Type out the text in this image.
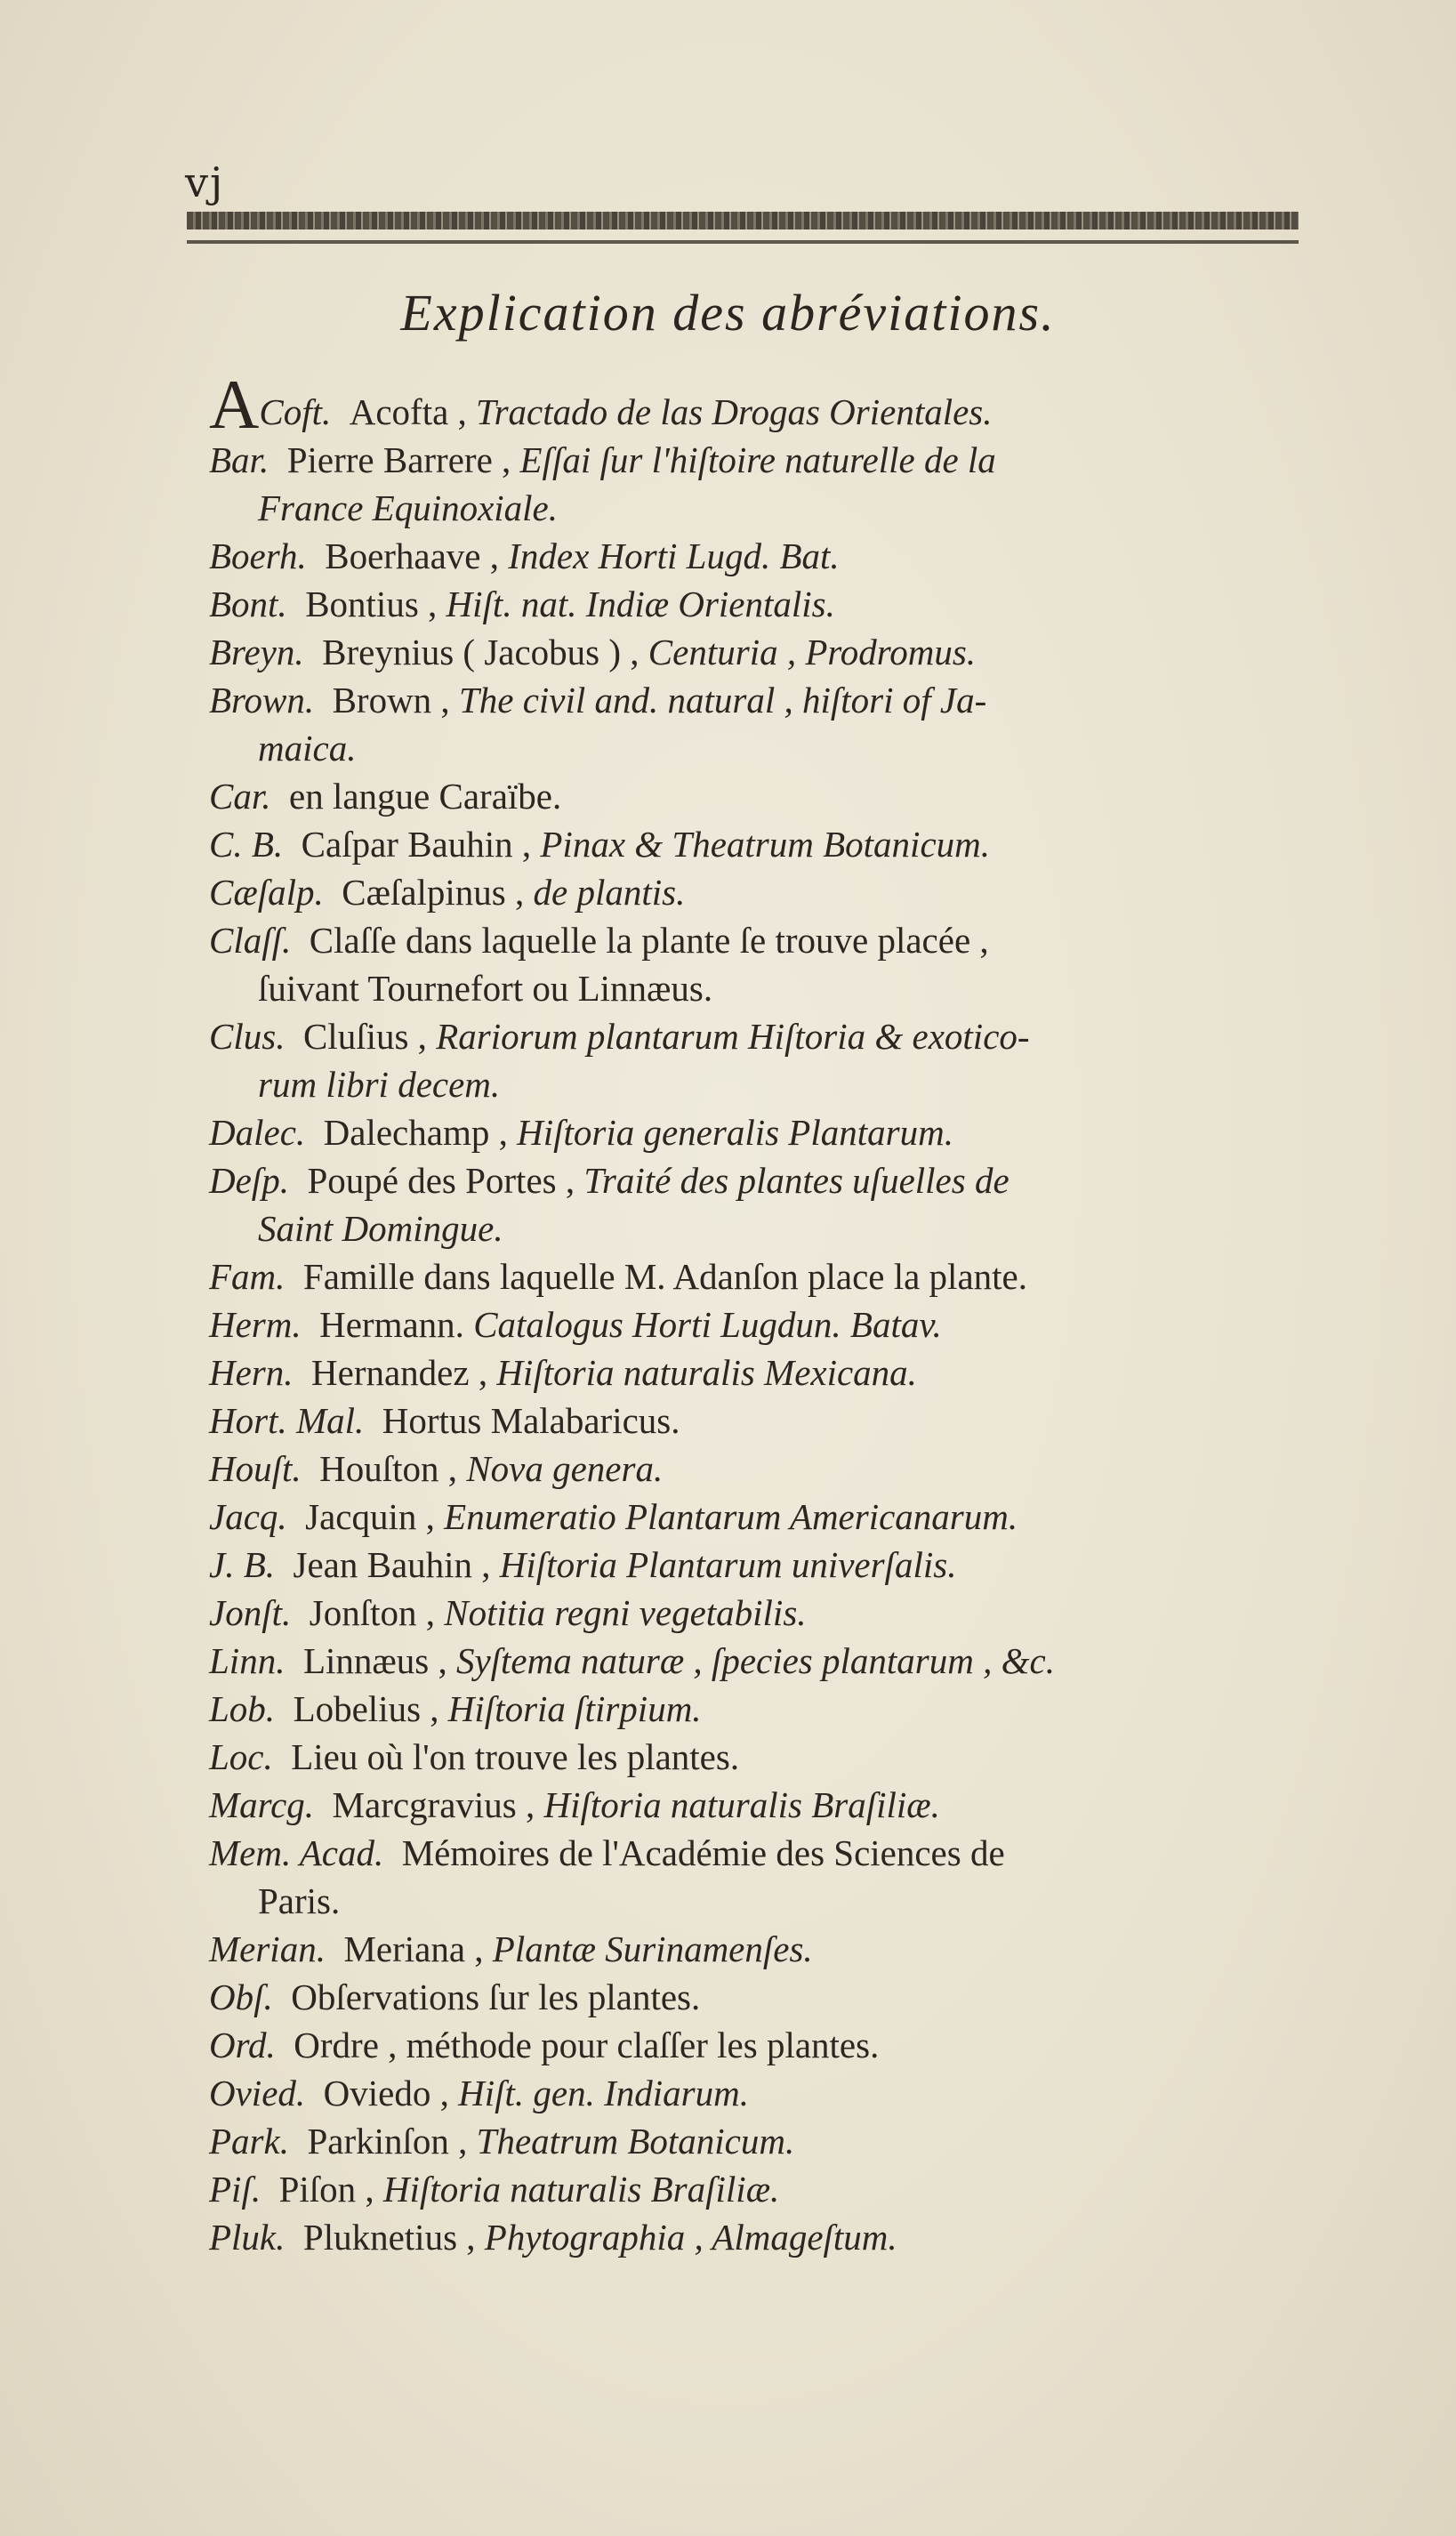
vj
Explication des abréviations.
ACoft.  Acofta , Tractado de las Drogas Orientales.
Bar.  Pierre Barrere , Eſſai ſur l'hiſtoire naturelle de la
France Equinoxiale.
Boerh.  Boerhaave , Index Horti Lugd. Bat.
Bont.  Bontius , Hiſt. nat. Indiæ Orientalis.
Breyn.  Breynius ( Jacobus ) , Centuria , Prodromus.
Brown.  Brown , The civil and. natural , hiſtori of Ja-
maica.
Car.  en langue Caraïbe.
C. B.  Caſpar Bauhin , Pinax & Theatrum Botanicum.
Cæſalp.  Cæſalpinus , de plantis.
Claſſ.  Claſſe dans laquelle la plante ſe trouve placée ,
ſuivant Tournefort ou Linnæus.
Clus.  Cluſius , Rariorum plantarum Hiſtoria & exotico-
rum libri decem.
Dalec.  Dalechamp , Hiſtoria generalis Plantarum.
Deſp.  Poupé des Portes , Traité des plantes uſuelles de
Saint Domingue.
Fam.  Famille dans laquelle M. Adanſon place la plante.
Herm.  Hermann. Catalogus Horti Lugdun. Batav.
Hern.  Hernandez , Hiſtoria naturalis Mexicana.
Hort. Mal.  Hortus Malabaricus.
Houſt.  Houſton , Nova genera.
Jacq.  Jacquin , Enumeratio Plantarum Americanarum.
J. B.  Jean Bauhin , Hiſtoria Plantarum univerſalis.
Jonſt.  Jonſton , Notitia regni vegetabilis.
Linn.  Linnæus , Syſtema naturæ , ſpecies plantarum , &c.
Lob.  Lobelius , Hiſtoria ſtirpium.
Loc.  Lieu où l'on trouve les plantes.
Marcg.  Marcgravius , Hiſtoria naturalis Braſiliæ.
Mem. Acad.  Mémoires de l'Académie des Sciences de
Paris.
Merian.  Meriana , Plantæ Surinamenſes.
Obſ.  Obſervations ſur les plantes.
Ord.  Ordre , méthode pour claſſer les plantes.
Ovied.  Oviedo , Hiſt. gen. Indiarum.
Park.  Parkinſon , Theatrum Botanicum.
Piſ.  Piſon , Hiſtoria naturalis Braſiliæ.
Pluk.  Pluknetius , Phytographia , Almageſtum.
